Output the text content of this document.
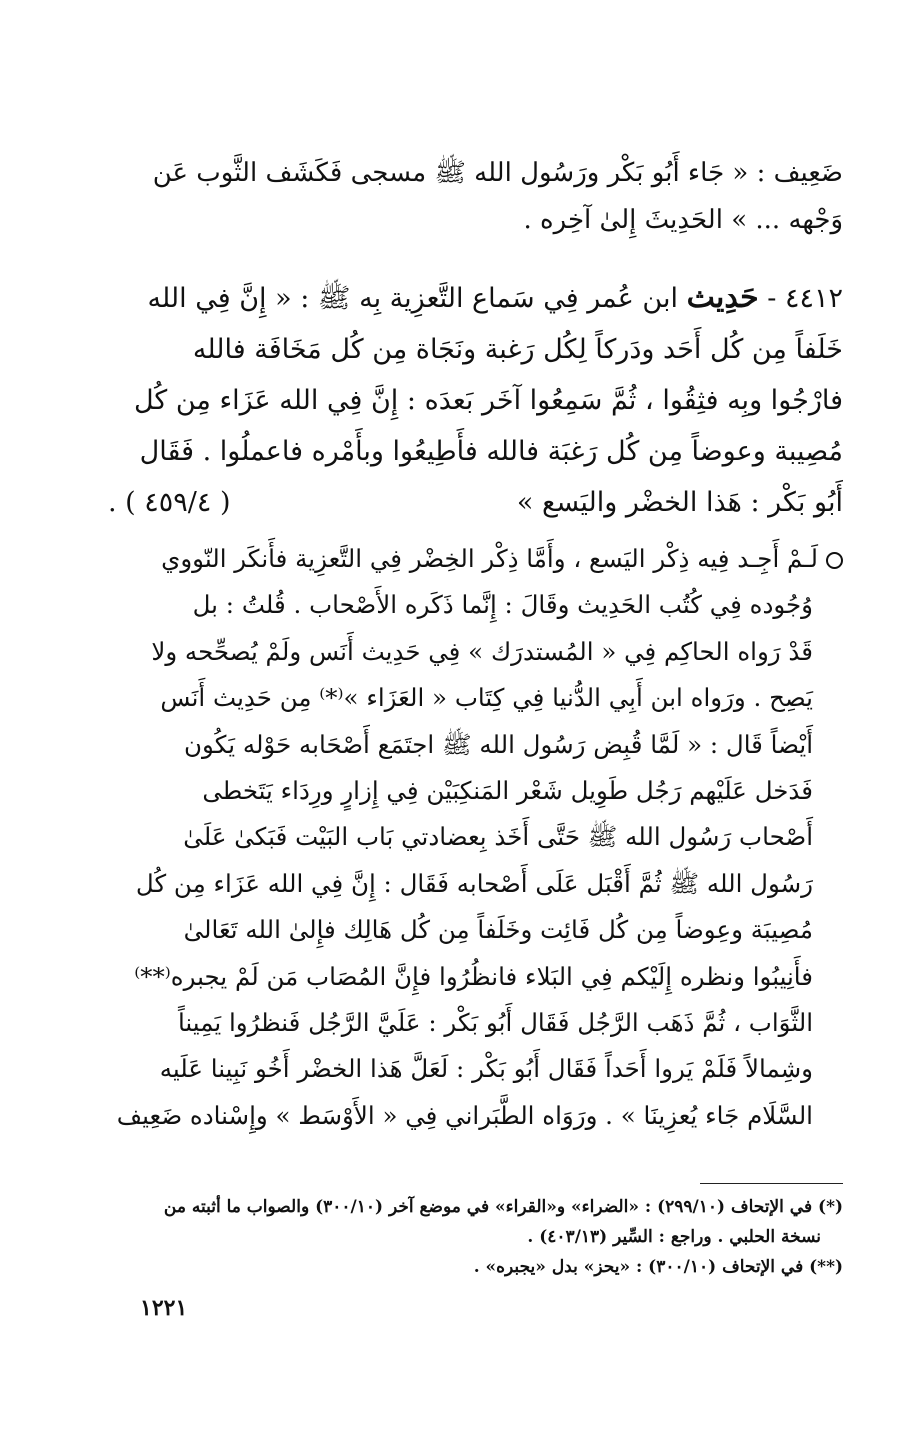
ضَعِيف : « جَاء أَبُو بَكْر ورَسُول الله ﷺ مسجى فَكَشَف الثَّوب عَن
وَجْهه ... » الحَدِيثَ إِلىٰ آخِره .
٤٤١٢ - حَدِيث ابن عُمر فِي سَماع التَّعزِية بِه ﷺ : « إِنَّ فِي الله
خَلَفاً مِن كُل أَحَد ودَركاً لِكُل رَغبة ونَجَاة مِن كُل مَخَافَة فالله
فارْجُوا وبِه فثِقُوا ، ثُمَّ سَمِعُوا آخَر بَعدَه : إِنَّ فِي الله عَزَاء مِن كُل
مُصِيبة وعوضاً مِن كُل رَغبَة فالله فأَطِيعُوا وبأَمْره فاعملُوا . فَقَال
أَبُو بَكْر : هَذا الخضْر واليَسع »
( ٤٥٩/٤ ) .
لَـمْ أَجِـد فِيه ذِكْر اليَسع ، وأَمَّا ذِكْر الخِضْر فِي التَّعزِية فأَنكَر النّووي
وُجُوده فِي كُتُب الحَدِيث وقَالَ : إِنَّما ذَكَره الأَصْحاب . قُلتُ : بل
قَدْ رَواه الحاكِم فِي « المُستدرَك » فِي حَدِيث أَنَس ولَمْ يُصحِّحه ولا
يَصِح . ورَواه ابن أَبِي الدُّنيا فِي كِتَاب « العَزَاء »⁽*⁾ مِن حَدِيث أَنَس
أَيْضاً قَال : « لَمَّا قُبِض رَسُول الله ﷺ اجتَمَع أَصْحَابه حَوْله يَكُون
فَدَخل عَلَيْهم رَجُل طَوِيل شَعْر المَنكِبَيْن فِي إِزارٍ ورِدَاء يَتَخطى
أَصْحاب رَسُول الله ﷺ حَتَّى أَخَذ بِعضادتي بَاب البَيْت فَبَكىٰ عَلَىٰ
رَسُول الله ﷺ ثُمَّ أَقْبَل عَلَى أَصْحابه فَقَال : إِنَّ فِي الله عَزَاء مِن كُل
مُصِيبَة وعِوضاً مِن كُل فَائِت وخَلَفاً مِن كُل هَالِك فإِلىٰ الله تَعَالىٰ
فأَنِيبُوا ونظره إِلَيْكم فِي البَلاء فانظُرُوا فإِنَّ المُصَاب مَن لَمْ يجبره⁽**⁾
الثَّوَاب ، ثُمَّ ذَهَب الرَّجُل فَقَال أَبُو بَكْر : عَلَيَّ الرَّجُل فَنظرُوا يَمِيناً
وشِمالاً فَلَمْ يَروا أَحَداً فَقَال أَبُو بَكْر : لَعَلَّ هَذا الخضْر أَخُو نَبِينا عَلَيه
السَّلَام جَاء يُعزِينَا » . ورَوَاه الطَّبَراني فِي « الأَوْسَط » وإِسْناده ضَعِيف
(*) في الإتحاف (٢٩٩/١٠) : «الضراء» و«القراء» في موضع آخر (٣٠٠/١٠) والصواب ما أثبته من
نسخة الحلبي . وراجع : السِّير (٤٠٣/١٣) .
(**) في الإتحاف (٣٠٠/١٠) : «يحز» بدل «يجبره» .
١٢٢١
